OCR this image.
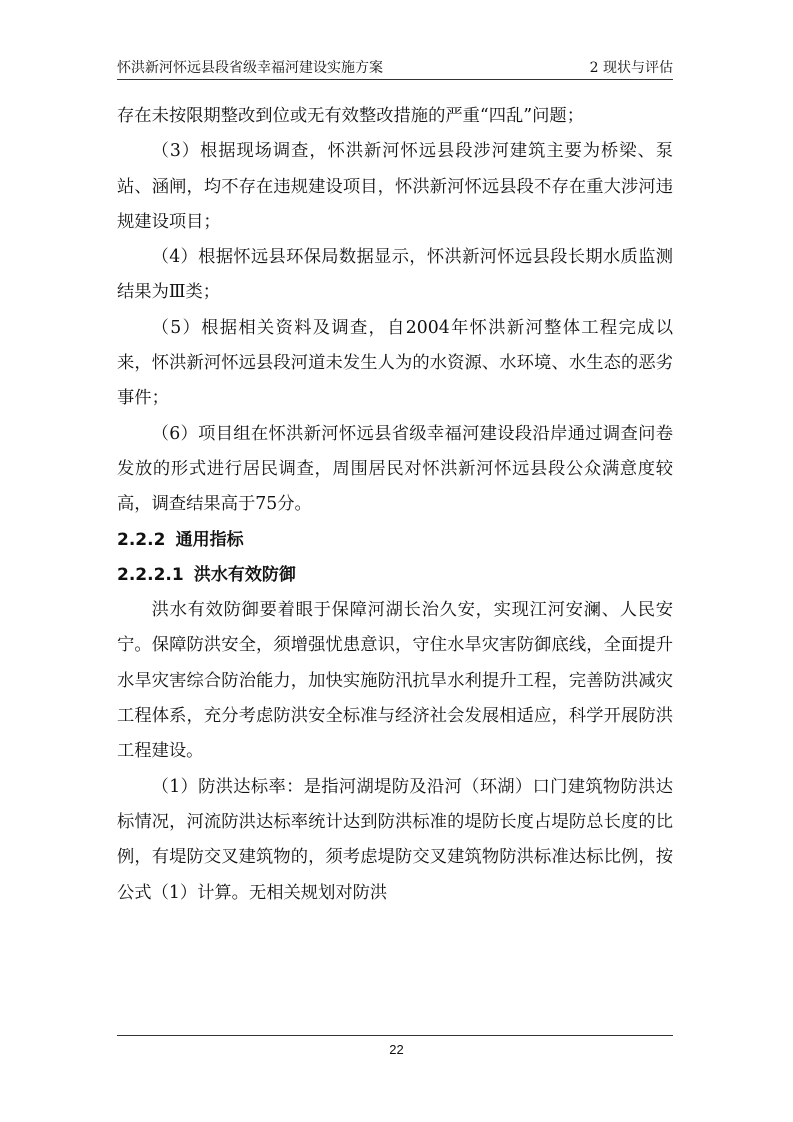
怀洪新河怀远县段省级幸福河建设实施方案	2 现状与评估

存在未按限期整改到位或无有效整改措施的严重“四乱”问题；

（3）根据现场调查，怀洪新河怀远县段涉河建筑主要为桥梁、泵站、涵闸，均不存在违规建设项目，怀洪新河怀远县段不存在重大涉河违规建设项目；

（4）根据怀远县环保局数据显示，怀洪新河怀远县段长期水质监测结果为Ⅲ类；

（5）根据相关资料及调查，自2004年怀洪新河整体工程完成以来，怀洪新河怀远县段河道未发生人为的水资源、水环境、水生态的恶劣事件；

（6）项目组在怀洪新河怀远县省级幸福河建设段沿岸通过调查问卷发放的形式进行居民调查，周围居民对怀洪新河怀远县段公众满意度较高，调查结果高于75分。

2.2.2 通用指标
2.2.2.1 洪水有效防御

洪水有效防御要着眼于保障河湖长治久安，实现江河安澜、人民安宁。保障防洪安全，须增强忧患意识，守住水旱灾害防御底线，全面提升水旱灾害综合防治能力，加快实施防汛抗旱水利提升工程，完善防洪减灾工程体系，充分考虑防洪安全标准与经济社会发展相适应，科学开展防洪工程建设。

（1）防洪达标率：是指河湖堤防及沿河（环湖）口门建筑物防洪达标情况，河流防洪达标率统计达到防洪标准的堤防长度占堤防总长度的比例，有堤防交叉建筑物的，须考虑堤防交叉建筑物防洪标准达标比例，按公式（1）计算。无相关规划对防洪

22
